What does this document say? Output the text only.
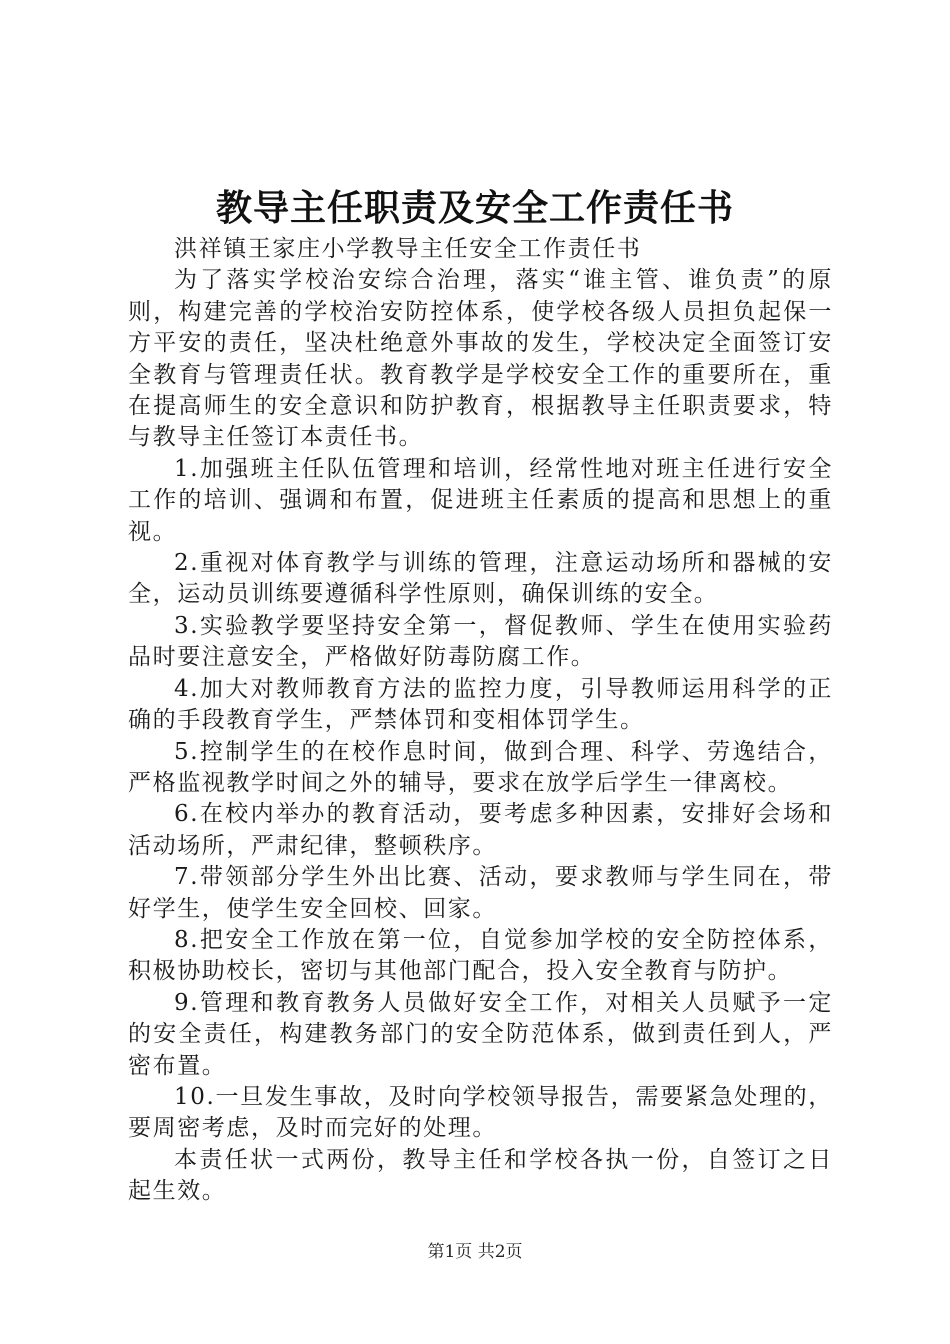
教导主任职责及安全工作责任书

洪祥镇王家庄小学教导主任安全工作责任书

为了落实学校治安综合治理，落实“谁主管、谁负责”的原则，构建完善的学校治安防控体系，使学校各级人员担负起保一方平安的责任，坚决杜绝意外事故的发生，学校决定全面签订安全教育与管理责任状。教育教学是学校安全工作的重要所在，重在提高师生的安全意识和防护教育，根据教导主任职责要求，特与教导主任签订本责任书。

1.加强班主任队伍管理和培训，经常性地对班主任进行安全工作的培训、强调和布置，促进班主任素质的提高和思想上的重视。

2.重视对体育教学与训练的管理，注意运动场所和器械的安全，运动员训练要遵循科学性原则，确保训练的安全。

3.实验教学要坚持安全第一，督促教师、学生在使用实验药品时要注意安全，严格做好防毒防腐工作。

4.加大对教师教育方法的监控力度，引导教师运用科学的正确的手段教育学生，严禁体罚和变相体罚学生。

5.控制学生的在校作息时间，做到合理、科学、劳逸结合，严格监视教学时间之外的辅导，要求在放学后学生一律离校。

6.在校内举办的教育活动，要考虑多种因素，安排好会场和活动场所，严肃纪律，整顿秩序。

7.带领部分学生外出比赛、活动，要求教师与学生同在，带好学生，使学生安全回校、回家。

8.把安全工作放在第一位，自觉参加学校的安全防控体系，积极协助校长，密切与其他部门配合，投入安全教育与防护。

9.管理和教育教务人员做好安全工作，对相关人员赋予一定的安全责任，构建教务部门的安全防范体系，做到责任到人，严密布置。

10.一旦发生事故，及时向学校领导报告，需要紧急处理的，要周密考虑，及时而完好的处理。

本责任状一式两份，教导主任和学校各执一份，自签订之日起生效。

第1页 共2页
